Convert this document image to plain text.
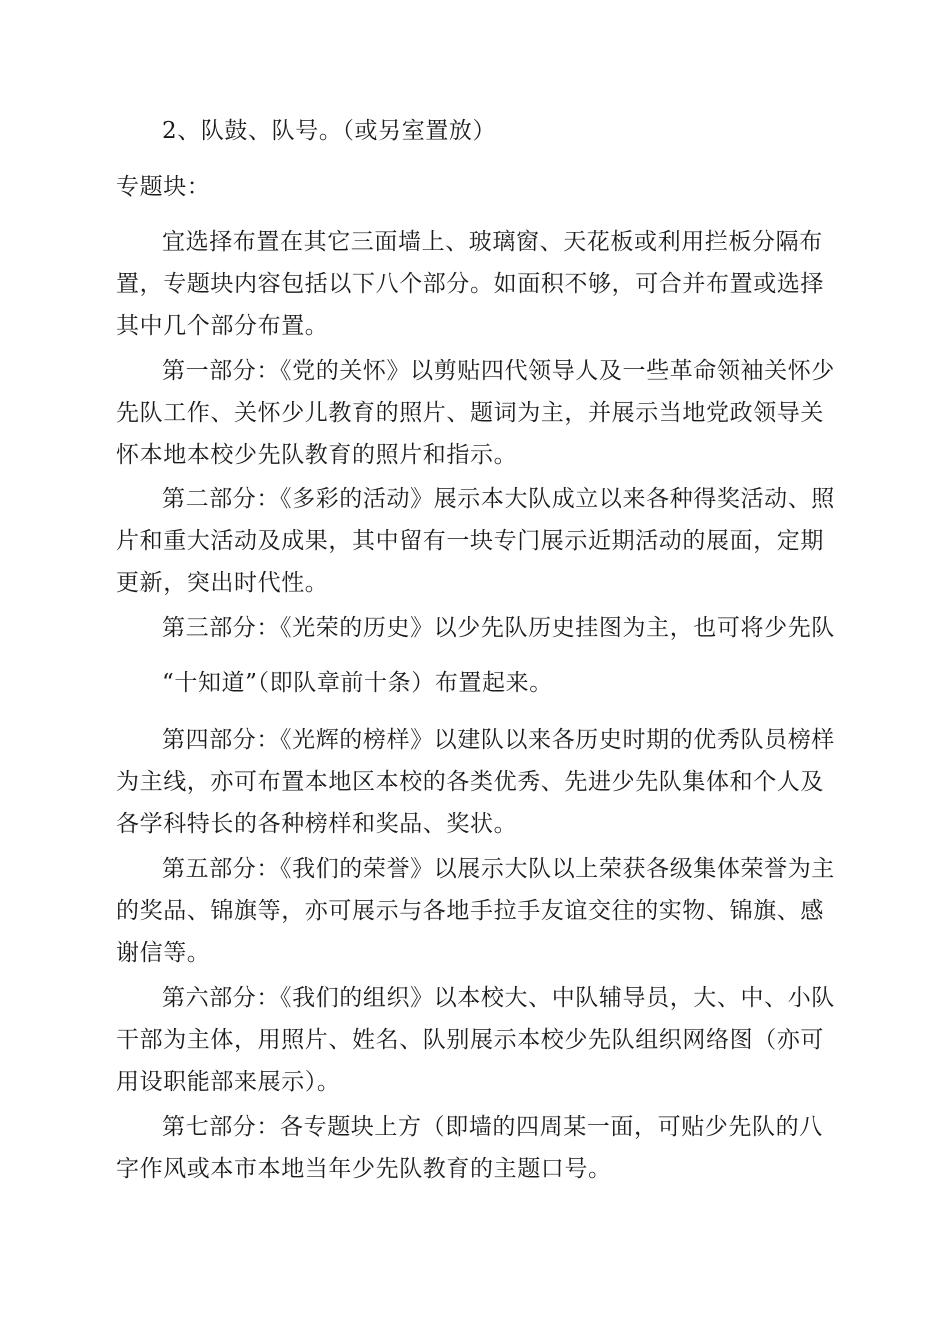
2、队鼓、队号。（或另室置放）

专题块：

宜选择布置在其它三面墙上、玻璃窗、天花板或利用拦板分隔布置，专题块内容包括以下八个部分。如面积不够，可合并布置或选择其中几个部分布置。

第一部分：《党的关怀》以剪贴四代领导人及一些革命领袖关怀少先队工作、关怀少儿教育的照片、题词为主，并展示当地党政领导关怀本地本校少先队教育的照片和指示。

第二部分：《多彩的活动》展示本大队成立以来各种得奖活动、照片和重大活动及成果，其中留有一块专门展示近期活动的展面，定期更新，突出时代性。

第三部分：《光荣的历史》以少先队历史挂图为主，也可将少先队

“十知道”（即队章前十条）布置起来。

第四部分：《光辉的榜样》以建队以来各历史时期的优秀队员榜样为主线，亦可布置本地区本校的各类优秀、先进少先队集体和个人及各学科特长的各种榜样和奖品、奖状。

第五部分：《我们的荣誉》以展示大队以上荣获各级集体荣誉为主的奖品、锦旗等，亦可展示与各地手拉手友谊交往的实物、锦旗、感谢信等。

第六部分：《我们的组织》以本校大、中队辅导员，大、中、小队干部为主体，用照片、姓名、队别展示本校少先队组织网络图（亦可用设职能部来展示）。

第七部分：各专题块上方（即墙的四周某一面，可贴少先队的八字作风或本市本地当年少先队教育的主题口号。
